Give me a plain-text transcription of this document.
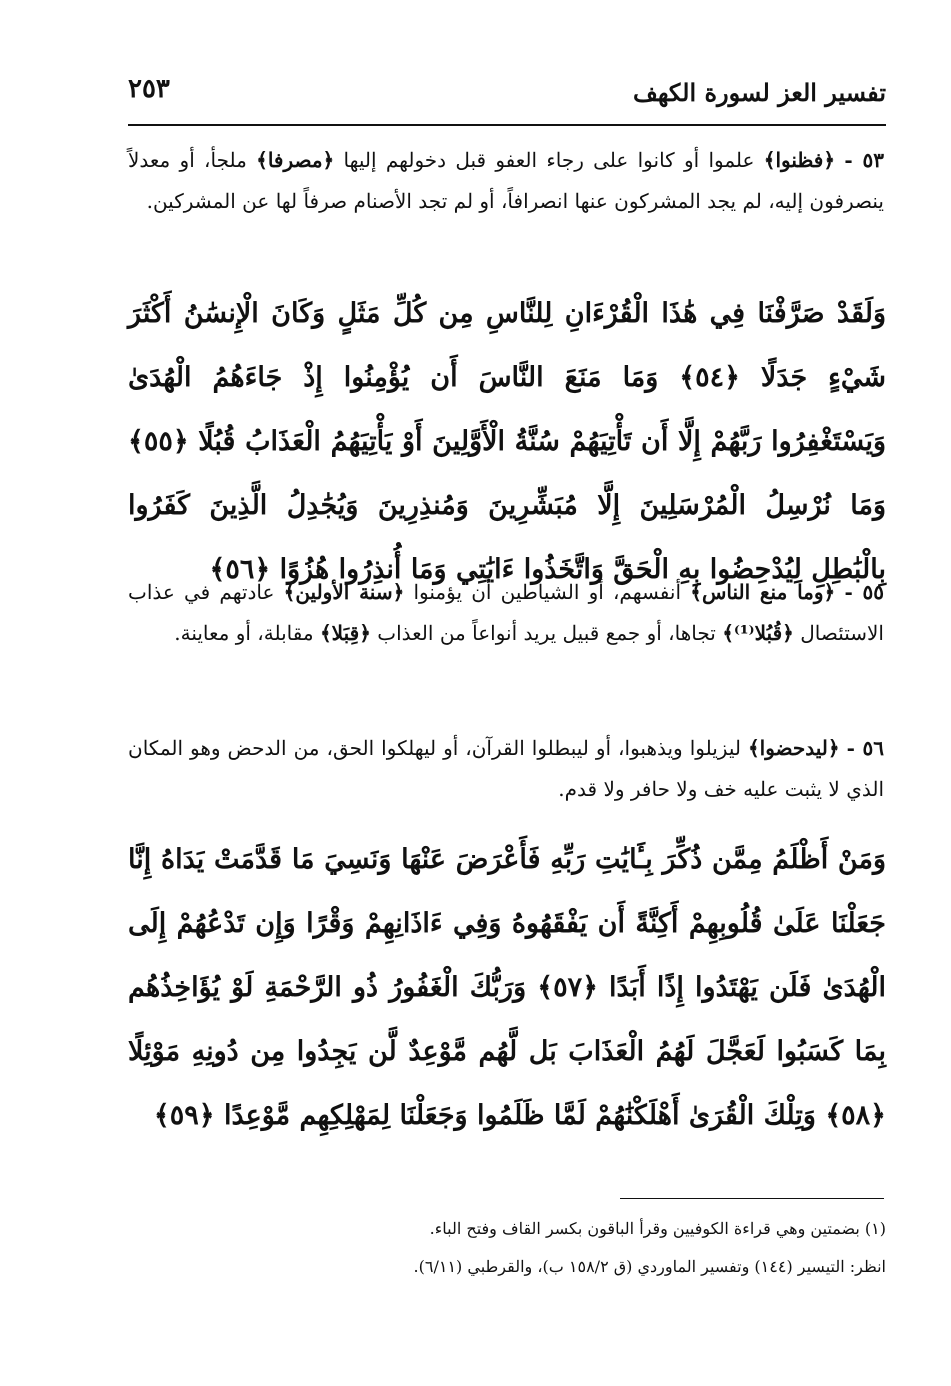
٢٥٣	تفسير العز لسورة الكهف
٥٣ - ﴿فظنوا﴾ علموا أو كانوا على رجاء العفو قبل دخولهم إليها ﴿مصرفا﴾ ملجأ، أو معدلاً ينصرفون إليه، لم يجد المشركون عنها انصرافاً، أو لم تجد الأصنام صرفاً لها عن المشركين.
وَلَقَدْ صَرَّفْنَا فِي هَٰذَا الْقُرْءَانِ لِلنَّاسِ مِن كُلِّ مَثَلٍ وَكَانَ الْإِنسَٰنُ أَكْثَرَ شَيْءٍ جَدَلًا ﴿٥٤﴾ وَمَا مَنَعَ النَّاسَ أَن يُؤْمِنُوا إِذْ جَاءَهُمُ الْهُدَىٰ وَيَسْتَغْفِرُوا رَبَّهُمْ إِلَّا أَن تَأْتِيَهُمْ سُنَّةُ الْأَوَّلِينَ أَوْ يَأْتِيَهُمُ الْعَذَابُ قُبُلًا ﴿٥٥﴾ وَمَا نُرْسِلُ الْمُرْسَلِينَ إِلَّا مُبَشِّرِينَ وَمُنذِرِينَ وَيُجَٰدِلُ الَّذِينَ كَفَرُوا بِالْبَٰطِلِ لِيُدْحِضُوا بِهِ الْحَقَّ وَاتَّخَذُوا ءَايَٰتِي وَمَا أُنذِرُوا هُزُوًا ﴿٥٦﴾
٥٥ - ﴿وما منع الناس﴾ أنفسهم، أو الشياطين أن يؤمنوا ﴿سنة الأولين﴾ عادتهم في عذاب الاستئصال ﴿قُبُلا⁽¹⁾﴾ تجاها، أو جمع قبيل يريد أنواعاً من العذاب ﴿قِبَلا﴾ مقابلة، أو معاينة.
٥٦ - ﴿ليدحضوا﴾ ليزيلوا ويذهبوا، أو ليبطلوا القرآن، أو ليهلكوا الحق، من الدحض وهو المكان الذي لا يثبت عليه خف ولا حافر ولا قدم.
وَمَنْ أَظْلَمُ مِمَّن ذُكِّرَ بِـَٔايَٰتِ رَبِّهِ فَأَعْرَضَ عَنْهَا وَنَسِيَ مَا قَدَّمَتْ يَدَاهُ إِنَّا جَعَلْنَا عَلَىٰ قُلُوبِهِمْ أَكِنَّةً أَن يَفْقَهُوهُ وَفِي ءَاذَانِهِمْ وَقْرًا وَإِن تَدْعُهُمْ إِلَى الْهُدَىٰ فَلَن يَهْتَدُوا إِذًا أَبَدًا ﴿٥٧﴾ وَرَبُّكَ الْغَفُورُ ذُو الرَّحْمَةِ لَوْ يُؤَاخِذُهُم بِمَا كَسَبُوا لَعَجَّلَ لَهُمُ الْعَذَابَ بَل لَّهُم مَّوْعِدٌ لَّن يَجِدُوا مِن دُونِهِ مَوْئِلًا ﴿٥٨﴾ وَتِلْكَ الْقُرَىٰ أَهْلَكْنَٰهُمْ لَمَّا ظَلَمُوا وَجَعَلْنَا لِمَهْلِكِهِم مَّوْعِدًا ﴿٥٩﴾
(١) بضمتين وهي قراءة الكوفيين وقرأ الباقون بكسر القاف وفتح الباء.
انظر: التيسير (١٤٤) وتفسير الماوردي (ق ١٥٨/٢ ب)، والقرطبي (٦/١١).
